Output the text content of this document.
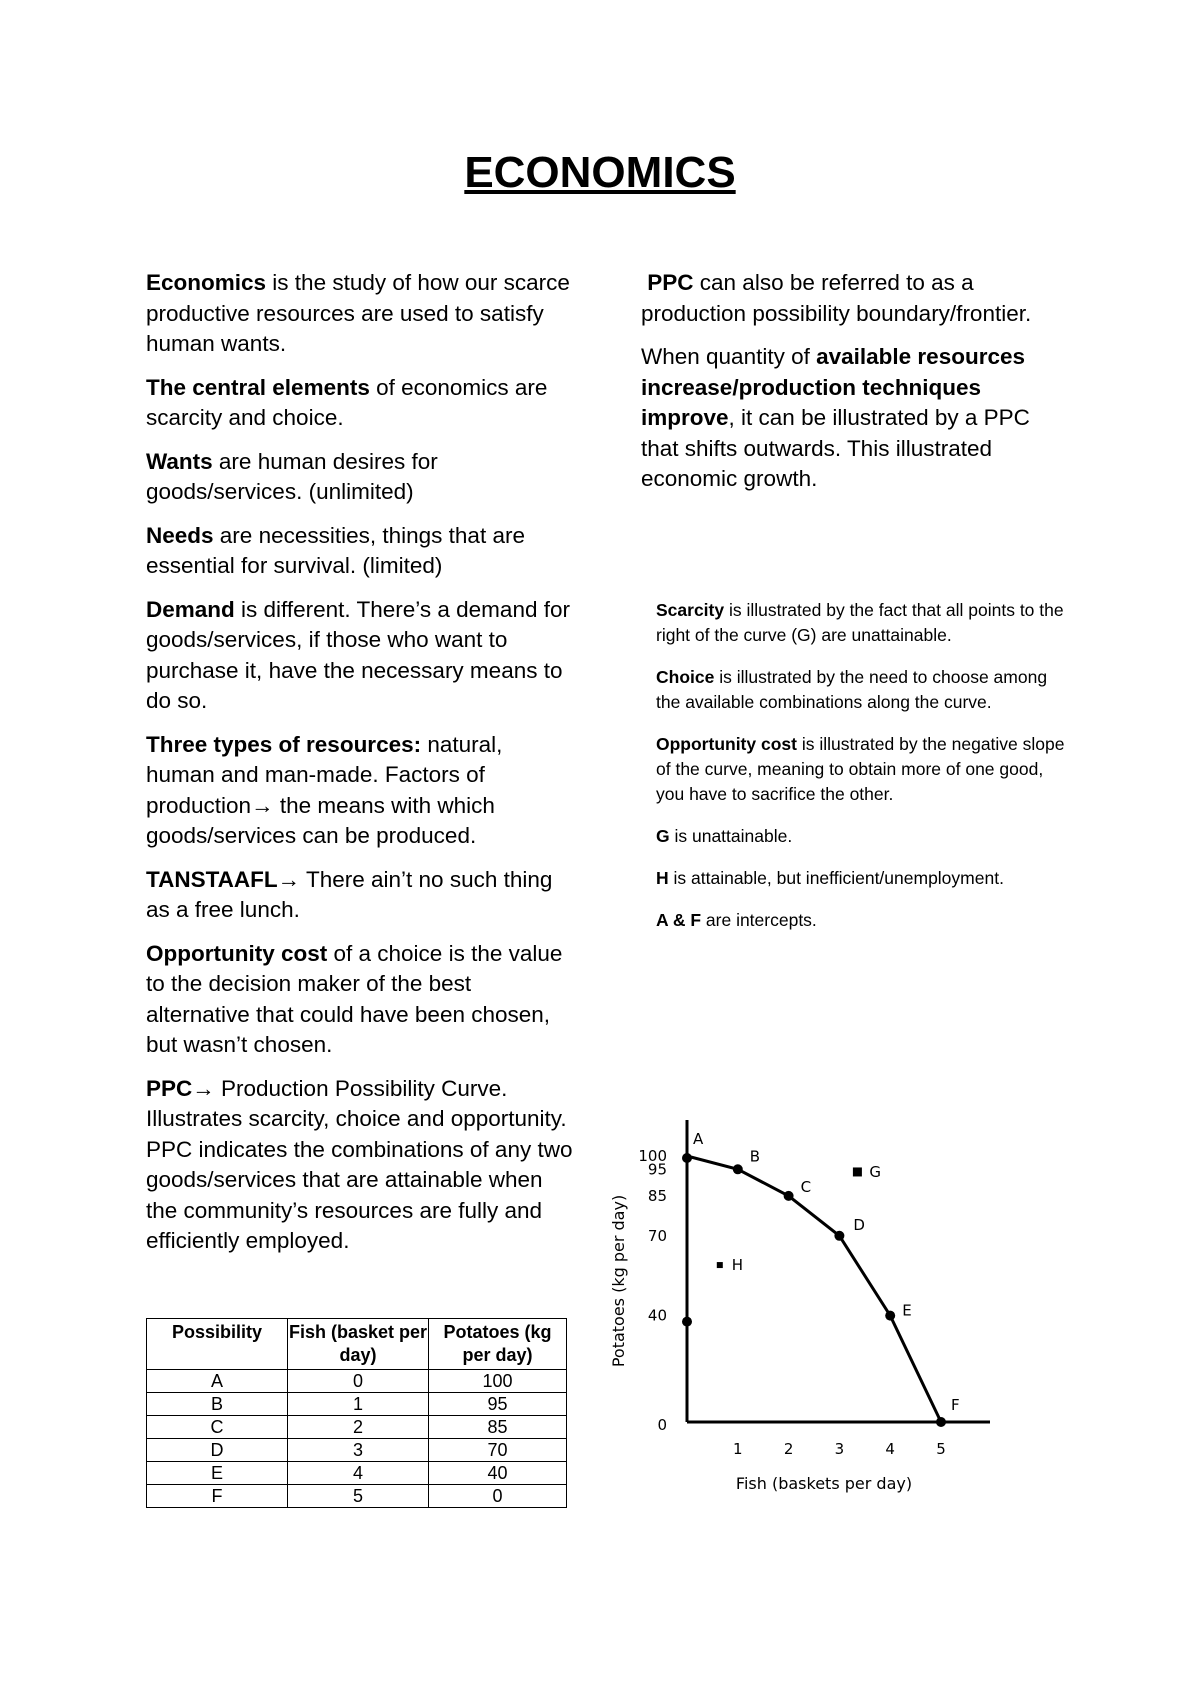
ECONOMICS

Economics is the study of how our scarce productive resources are used to satisfy human wants.

The central elements of economics are scarcity and choice.

Wants are human desires for goods/services. (unlimited)

Needs are necessities, things that are essential for survival. (limited)

Demand is different. There’s a demand for goods/services, if those who want to purchase it, have the necessary means to do so.

Three types of resources: natural, human and man-made. Factors of production→ the means with which goods/services can be produced.

TANSTAAFL→ There ain’t no such thing as a free lunch.

Opportunity cost of a choice is the value to the decision maker of the best alternative that could have been chosen, but wasn’t chosen.

PPC→ Production Possibility Curve. Illustrates scarcity, choice and opportunity. PPC indicates the combinations of any two goods/services that are attainable when the community’s resources are fully and efficiently employed.

PPC can also be referred to as a production possibility boundary/frontier.

When quantity of available resources increase/production techniques improve, it can be illustrated by a PPC that shifts outwards. This illustrated economic growth.

Scarcity is illustrated by the fact that all points to the right of the curve (G) are unattainable.

Choice is illustrated by the need to choose among the available combinations along the curve.

Opportunity cost is illustrated by the negative slope of the curve, meaning to obtain more of one good, you have to sacrifice the other.

G is unattainable.

H is attainable, but inefficient/unemployment.

A & F are intercepts.

Possibility	Fish (basket per day)	Potatoes (kg per day)
A	0	100
B	1	95
C	2	85
D	3	70
E	4	40
F	5	0
0
40
70
85
95
100
1	2	3	4	5
A
B
C
D
E
F
G
H
Fish (baskets per day)
Potatoes (kg per day)
